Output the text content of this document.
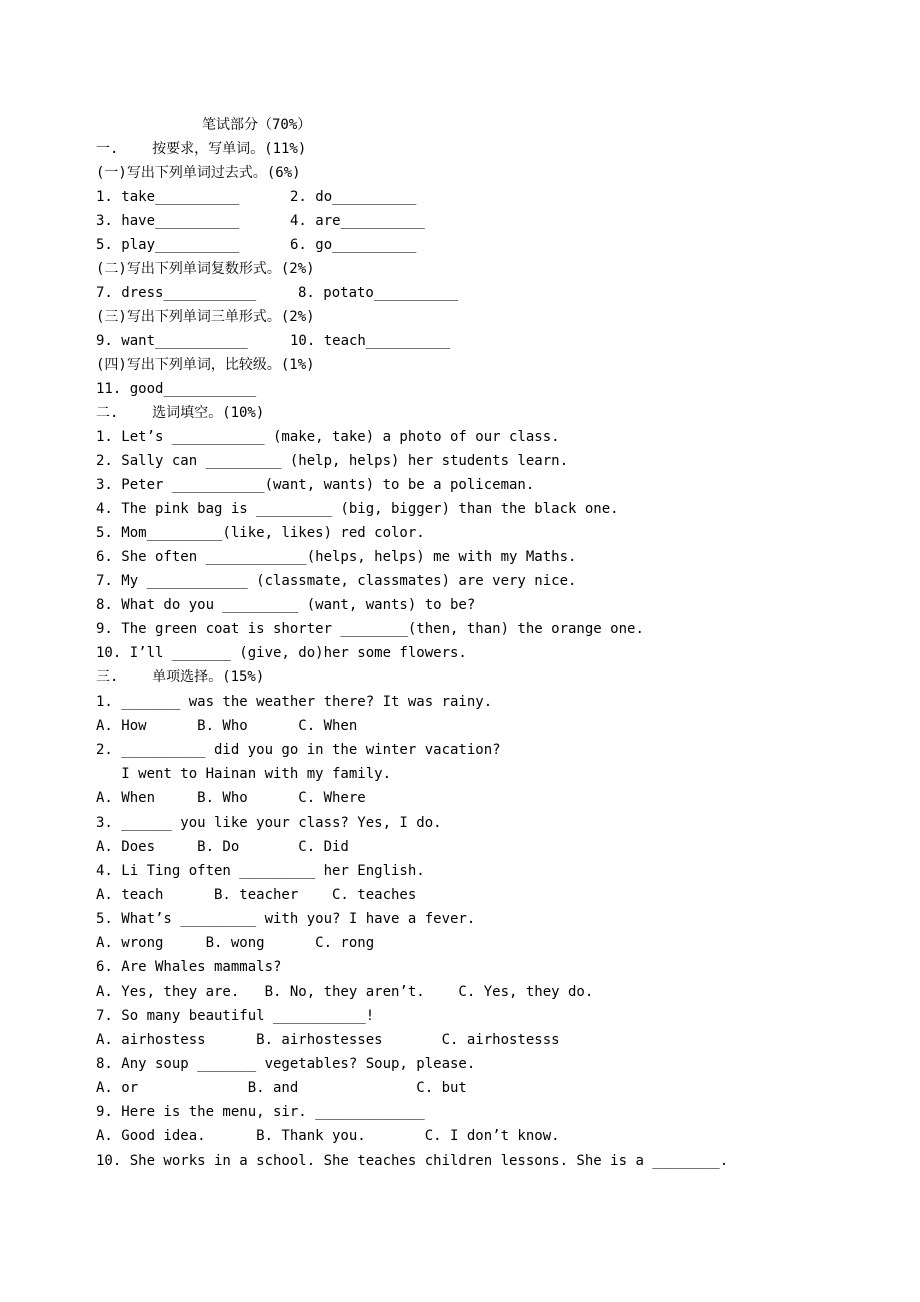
笔试部分（70%）
一.    按要求，写单词。(11%)
(一)写出下列单词过去式。(6%)
1. take__________	2. do__________
3. have__________	4. are__________
5. play__________	6. go__________
(二)写出下列单词复数形式。(2%)
7. dress___________	8. potato__________
(三)写出下列单词三单形式。(2%)
9. want___________	10. teach__________
(四)写出下列单词，比较级。(1%)
11. good___________
二.    选词填空。(10%)
1. Let’s ___________ (make, take) a photo of our class.
2. Sally can _________ (help, helps) her students learn.
3. Peter ___________(want, wants) to be a policeman.
4. The pink bag is _________ (big, bigger) than the black one.
5. Mom_________(like, likes) red color.
6. She often ____________(helps, helps) me with my Maths.
7. My ____________ (classmate, classmates) are very nice.
8. What do you _________ (want, wants) to be?
9. The green coat is shorter ________(then, than) the orange one.
10. I’ll _______ (give, do)her some flowers.
三.    单项选择。(15%)
1. _______ was the weather there? It was rainy.
A. How      B. Who      C. When
2. __________ did you go in the winter vacation?
I went to Hainan with my family.
A. When     B. Who      C. Where
3. ______ you like your class? Yes, I do.
A. Does     B. Do       C. Did
4. Li Ting often _________ her English.
A. teach      B. teacher    C. teaches
5. What’s _________ with you? I have a fever.
A. wrong     B. wong      C. rong
6. Are Whales mammals?
A. Yes, they are.   B. No, they aren’t.    C. Yes, they do.
7. So many beautiful ___________!
A. airhostess      B. airhostesses       C. airhostesss
8. Any soup _______ vegetables? Soup, please.
A. or             B. and              C. but
9. Here is the menu, sir. _____________
A. Good idea.      B. Thank you.       C. I don’t know.
10. She works in a school. She teaches children lessons. She is a ________.
